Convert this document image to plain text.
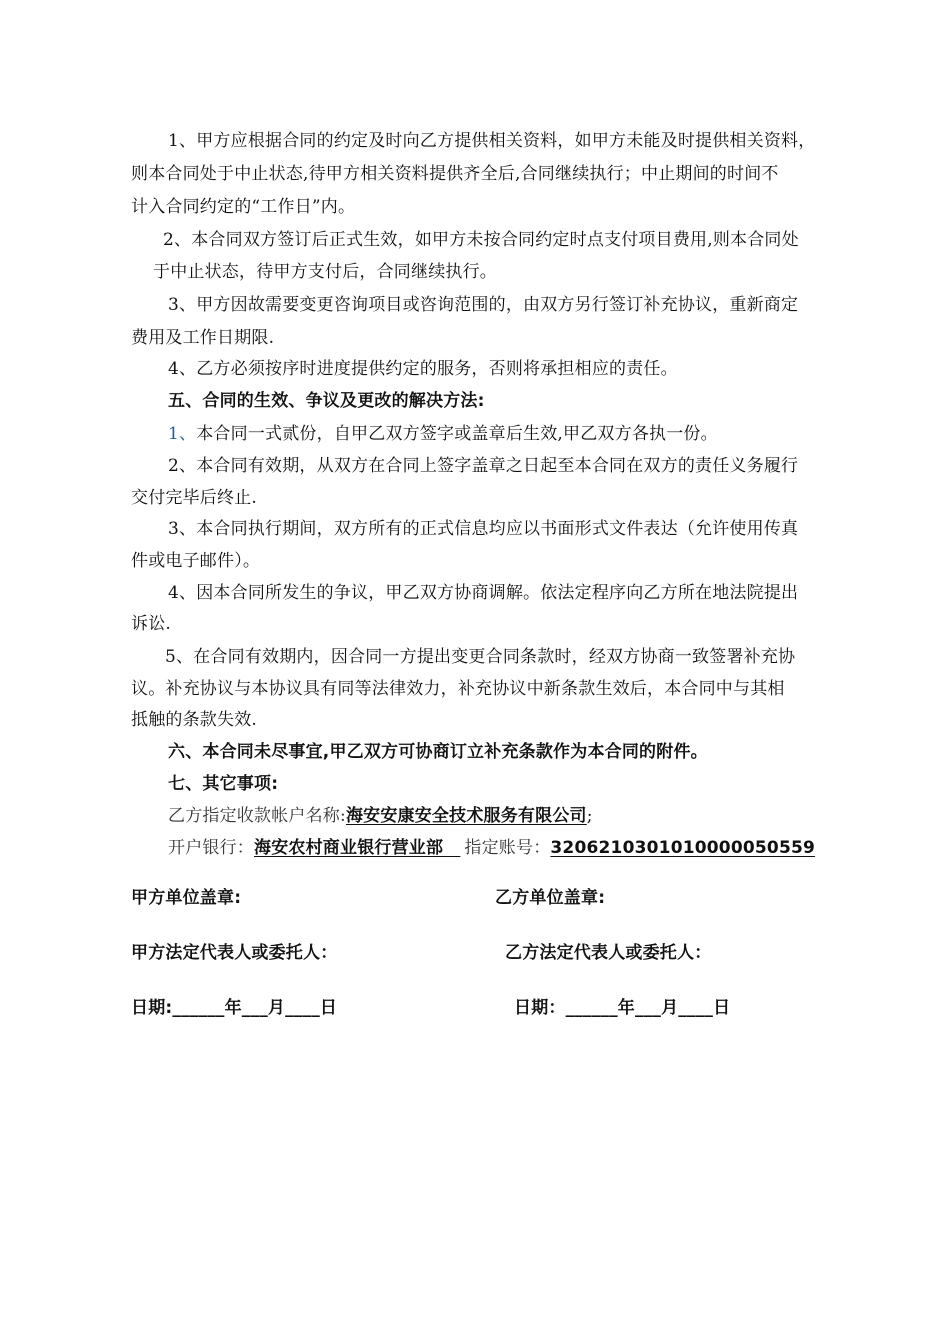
1、甲方应根据合同的约定及时向乙方提供相关资料，如甲方未能及时提供相关资料，
则本合同处于中止状态,待甲方相关资料提供齐全后,合同继续执行；中止期间的时间不
计入合同约定的“工作日”内。
2、本合同双方签订后正式生效，如甲方未按合同约定时点支付项目费用,则本合同处
于中止状态，待甲方支付后，合同继续执行。
3、甲方因故需要变更咨询项目或咨询范围的，由双方另行签订补充协议，重新商定
费用及工作日期限.
4、乙方必须按序时进度提供约定的服务，否则将承担相应的责任。
五、合同的生效、争议及更改的解决方法:
1、本合同一式贰份，自甲乙双方签字或盖章后生效,甲乙双方各执一份。
2、本合同有效期，从双方在合同上签字盖章之日起至本合同在双方的责任义务履行
交付完毕后终止.
3、本合同执行期间，双方所有的正式信息均应以书面形式文件表达（允许使用传真
件或电子邮件）。
4、因本合同所发生的争议，甲乙双方协商调解。依法定程序向乙方所在地法院提出
诉讼.
5、在合同有效期内，因合同一方提出变更合同条款时，经双方协商一致签署补充协
议。补充协议与本协议具有同等法律效力，补充协议中新条款生效后，本合同中与其相
抵触的条款失效.
六、本合同未尽事宜,甲乙双方可协商订立补充条款作为本合同的附件。
七、其它事项:
乙方指定收款帐户名称:海安安康安全技术服务有限公司;
开户银行：海安农村商业银行营业部　指定账号：3206210301010000050559
甲方单位盖章:	乙方单位盖章:
甲方法定代表人或委托人：	乙方法定代表人或委托人：
日期:______年___月____日	日期：______年___月____日
